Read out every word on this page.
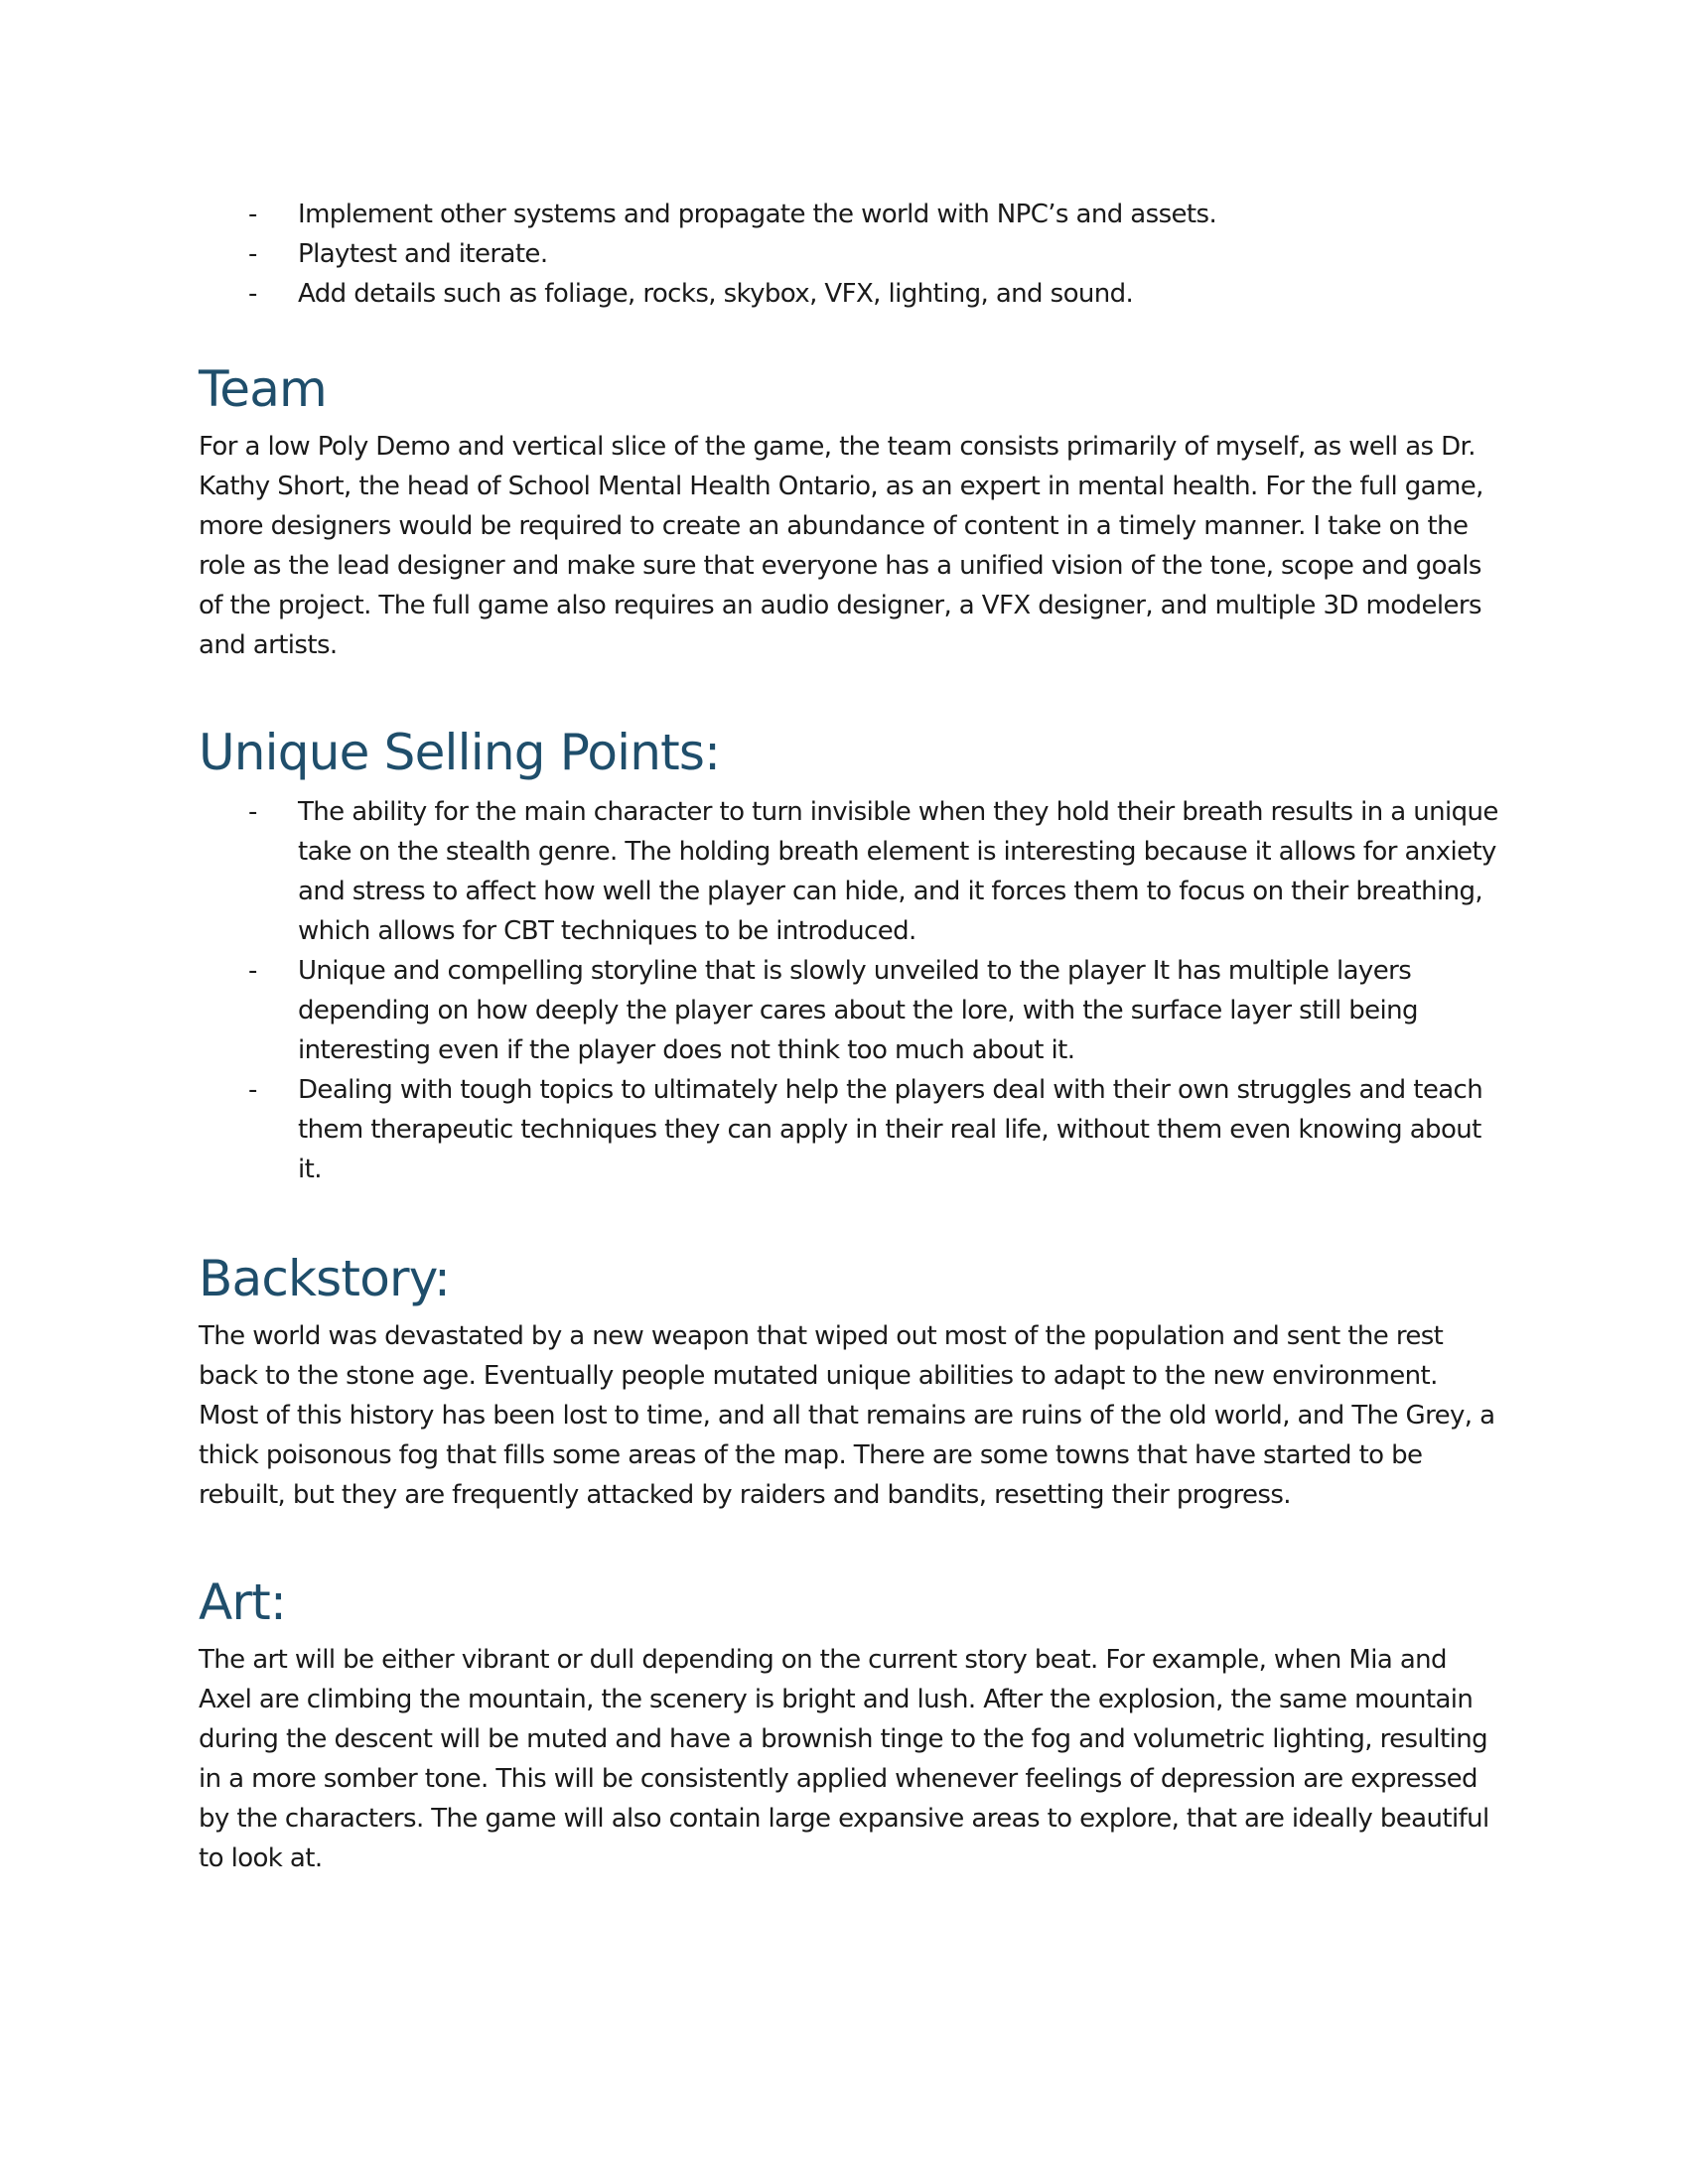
- Implement other systems and propagate the world with NPC’s and assets.
- Playtest and iterate.
- Add details such as foliage, rocks, skybox, VFX, lighting, and sound.
Team

For a low Poly Demo and vertical slice of the game, the team consists primarily of myself, as well as Dr. Kathy Short, the head of School Mental Health Ontario, as an expert in mental health. For the full game, more designers would be required to create an abundance of content in a timely manner. I take on the role as the lead designer and make sure that everyone has a unified vision of the tone, scope and goals of the project. The full game also requires an audio designer, a VFX designer, and multiple 3D modelers and artists.

Unique Selling Points:
- The ability for the main character to turn invisible when they hold their breath results in a unique take on the stealth genre. The holding breath element is interesting because it allows for anxiety and stress to affect how well the player can hide, and it forces them to focus on their breathing, which allows for CBT techniques to be introduced.
- Unique and compelling storyline that is slowly unveiled to the player It has multiple layers depending on how deeply the player cares about the lore, with the surface layer still being interesting even if the player does not think too much about it.
- Dealing with tough topics to ultimately help the players deal with their own struggles and teach them therapeutic techniques they can apply in their real life, without them even knowing about it.
Backstory:

The world was devastated by a new weapon that wiped out most of the population and sent the rest back to the stone age. Eventually people mutated unique abilities to adapt to the new environment. Most of this history has been lost to time, and all that remains are ruins of the old world, and The Grey, a thick poisonous fog that fills some areas of the map. There are some towns that have started to be rebuilt, but they are frequently attacked by raiders and bandits, resetting their progress.

Art:

The art will be either vibrant or dull depending on the current story beat. For example, when Mia and Axel are climbing the mountain, the scenery is bright and lush. After the explosion, the same mountain during the descent will be muted and have a brownish tinge to the fog and volumetric lighting, resulting in a more somber tone. This will be consistently applied whenever feelings of depression are expressed by the characters. The game will also contain large expansive areas to explore, that are ideally beautiful to look at.
